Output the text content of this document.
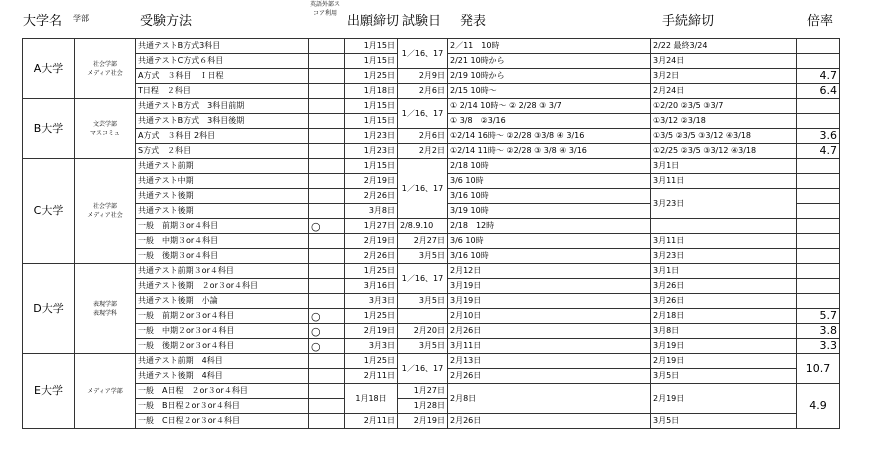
大学名 学部	受験方法
英語外部スコア利用
出願締切 試験日 発表	手続締切	倍率
A大学	社会学部
メディア社会	共通テストB方式3科目		1月15日	1／16、17	2／11　10時	2/22 最終3/24	
		共通テストC方式６科目		1月15日		2/21 10時から	3月24日	
		A方式　３科目　Ｉ日程		1月25日	2月9日	2/19 10時から	3月2日	4.7
		T日程　２科目		1月18日	2月6日	2/15 10時～	2月24日	6.4
B大学	文芸学部
マスコミュ	共通テストB方式　3科目前期		1月15日	1／16、17	① 2/14 10時～ ② 2/28 ③ 3/7	①2/20 ②3/5 ③3/7	
		共通テストB方式　3科目後期		1月15日		① 3/8　②3/16	①3/12 ②3/18	
		A方式　３科目 2科目		1月23日	2月6日	①2/14 16時～ ②2/28 ③3/8 ④ 3/16	①3/5 ②3/5 ③3/12 ④3/18	3.6
		S方式　２科目		1月23日	2月2日	①2/14 11時～ ②2/28 ③ 3/8 ④ 3/16	①2/25 ②3/5 ③3/12 ④3/18	4.7
C大学	社会学部
メディア社会	共通テスト前期		1月15日	1／16、17	2/18 10時	3月1日	
		共通テスト中期		2月19日		3/6 10時	3月11日	
		共通テスト後期		2月26日		3/16 10時	3月23日	
		共通テスト後期		3月8日		3/19 10時		
		一般　前期３or４科目	○	1月27日	2/8.9.10	2/18　12時		
		一般　中期３or４科目		2月19日	2月27日	3/6 10時	3月11日	
		一般　後期３or４科目		2月26日	3月5日	3/16 10時	3月23日	
D大学	表現学部
表現学科	共通テスト前期３or４科目		1月25日	1／16、17	2月12日	3月1日	
		共通テスト後期　２or３or４科目		3月16日		3月19日	3月26日	
		共通テスト後期　小論		3月3日	3月5日	3月19日	3月26日	
		一般　前期２or３or４科目	○	1月25日		2月10日	2月18日	5.7
		一般　中期２or３or４科目	○	2月19日	2月20日	2月26日	3月8日	3.8
		一般　後期２or３or４科目	○	3月3日	3月5日	3月11日	3月19日	3.3
E大学	メディア学部	共通テスト前期　4科目		1月25日	1／16、17	2月13日	2月19日	10.7
		共通テスト後期　4科目		2月11日		2月26日	3月5日	
		一般　A日程　２or３or４科目		1月18日	1月27日	2月8日	2月19日	4.9
		一般　B日程２or３or４科目			1月28日			
		一般　C日程２or３or４科目		2月11日	2月19日	2月26日	3月5日	
